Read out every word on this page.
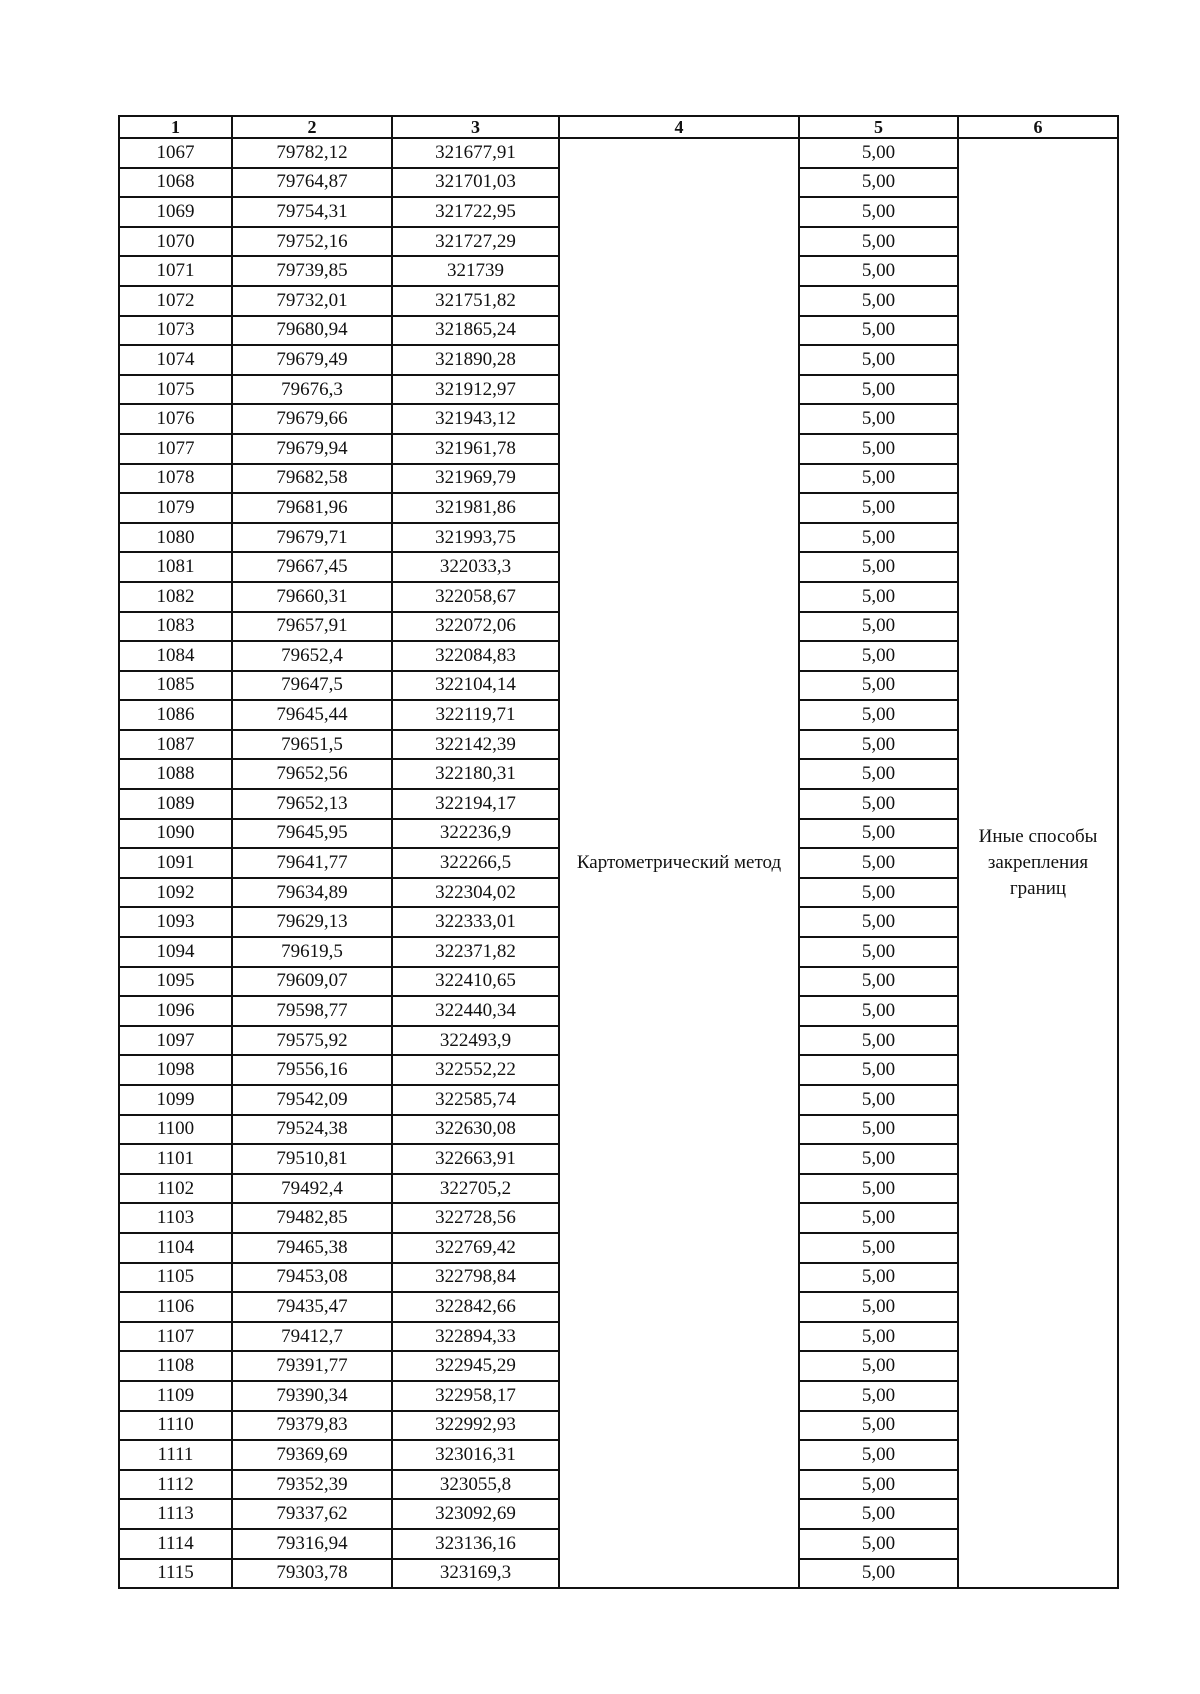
1	2	3	4	5	6
1067	79782,12	321677,91	Картометрический метод	5,00	Иные способы закрепления границ
1068	79764,87	321701,03		5,00	
1069	79754,31	321722,95		5,00	
1070	79752,16	321727,29		5,00	
1071	79739,85	321739		5,00	
1072	79732,01	321751,82		5,00	
1073	79680,94	321865,24		5,00	
1074	79679,49	321890,28		5,00	
1075	79676,3	321912,97		5,00	
1076	79679,66	321943,12		5,00	
1077	79679,94	321961,78		5,00	
1078	79682,58	321969,79		5,00	
1079	79681,96	321981,86		5,00	
1080	79679,71	321993,75		5,00	
1081	79667,45	322033,3		5,00	
1082	79660,31	322058,67		5,00	
1083	79657,91	322072,06		5,00	
1084	79652,4	322084,83		5,00	
1085	79647,5	322104,14		5,00	
1086	79645,44	322119,71		5,00	
1087	79651,5	322142,39		5,00	
1088	79652,56	322180,31		5,00	
1089	79652,13	322194,17		5,00	
1090	79645,95	322236,9		5,00	
1091	79641,77	322266,5		5,00	
1092	79634,89	322304,02		5,00	
1093	79629,13	322333,01		5,00	
1094	79619,5	322371,82		5,00	
1095	79609,07	322410,65		5,00	
1096	79598,77	322440,34		5,00	
1097	79575,92	322493,9		5,00	
1098	79556,16	322552,22		5,00	
1099	79542,09	322585,74		5,00	
1100	79524,38	322630,08		5,00	
1101	79510,81	322663,91		5,00	
1102	79492,4	322705,2		5,00	
1103	79482,85	322728,56		5,00	
1104	79465,38	322769,42		5,00	
1105	79453,08	322798,84		5,00	
1106	79435,47	322842,66		5,00	
1107	79412,7	322894,33		5,00	
1108	79391,77	322945,29		5,00	
1109	79390,34	322958,17		5,00	
1110	79379,83	322992,93		5,00	
1111	79369,69	323016,31		5,00	
1112	79352,39	323055,8		5,00	
1113	79337,62	323092,69		5,00	
1114	79316,94	323136,16		5,00	
1115	79303,78	323169,3		5,00	
